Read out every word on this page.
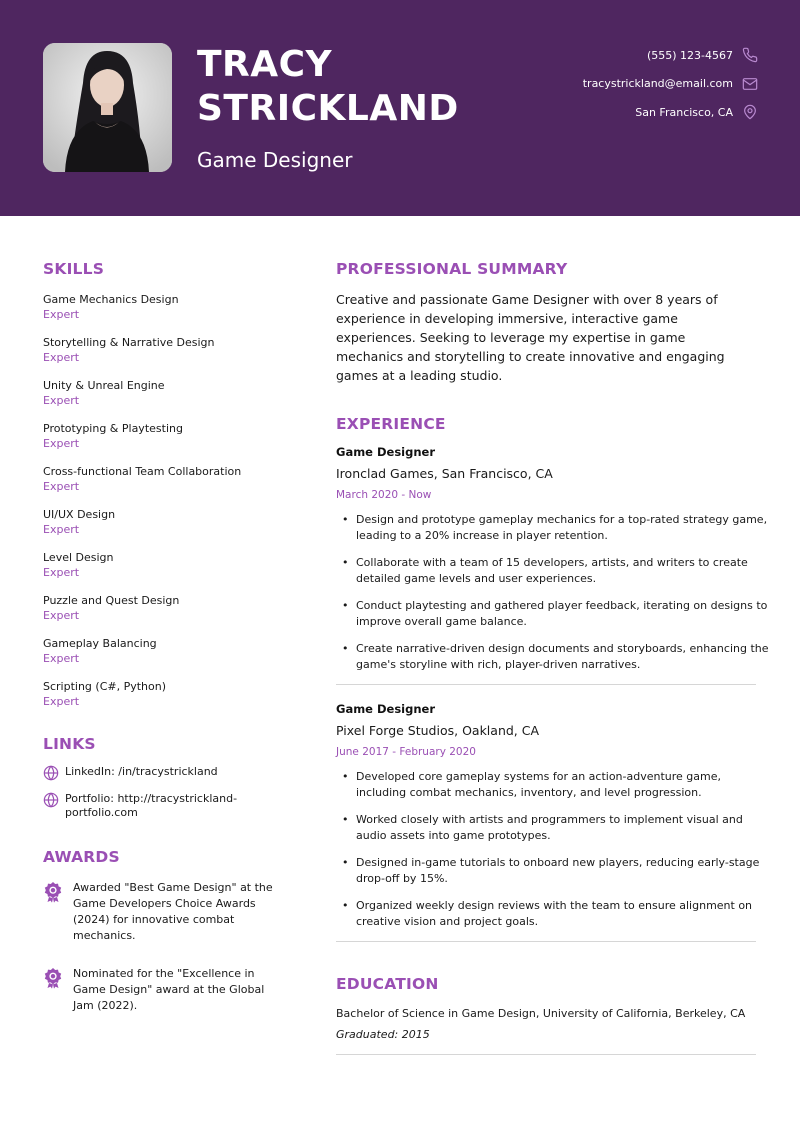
TRACY STRICKLAND
Game Designer
(555) 123-4567
tracystrickland@email.com
San Francisco, CA
SKILLS
Game Mechanics Design
Expert
Storytelling & Narrative Design
Expert
Unity & Unreal Engine
Expert
Prototyping & Playtesting
Expert
Cross-functional Team Collaboration
Expert
UI/UX Design
Expert
Level Design
Expert
Puzzle and Quest Design
Expert
Gameplay Balancing
Expert
Scripting (C#, Python)
Expert
LINKS
LinkedIn: /in/tracystrickland
Portfolio: http://tracystrickland-portfolio.com
AWARDS
Awarded "Best Game Design" at the Game Developers Choice Awards (2024) for innovative combat mechanics.
Nominated for the "Excellence in Game Design" award at the Global Jam (2022).
PROFESSIONAL SUMMARY
Creative and passionate Game Designer with over 8 years of experience in developing immersive, interactive game experiences. Seeking to leverage my expertise in game mechanics and storytelling to create innovative and engaging games at a leading studio.
EXPERIENCE
Game Designer
Ironclad Games, San Francisco, CA
March 2020 - Now
• Design and prototype gameplay mechanics for a top-rated strategy game, leading to a 20% increase in player retention.
• Collaborate with a team of 15 developers, artists, and writers to create detailed game levels and user experiences.
• Conduct playtesting and gathered player feedback, iterating on designs to improve overall game balance.
• Create narrative-driven design documents and storyboards, enhancing the game's storyline with rich, player-driven narratives.
Game Designer
Pixel Forge Studios, Oakland, CA
June 2017 - February 2020
• Developed core gameplay systems for an action-adventure game, including combat mechanics, inventory, and level progression.
• Worked closely with artists and programmers to implement visual and audio assets into game prototypes.
• Designed in-game tutorials to onboard new players, reducing early-stage drop-off by 15%.
• Organized weekly design reviews with the team to ensure alignment on creative vision and project goals.
EDUCATION
Bachelor of Science in Game Design, University of California, Berkeley, CA
Graduated: 2015
